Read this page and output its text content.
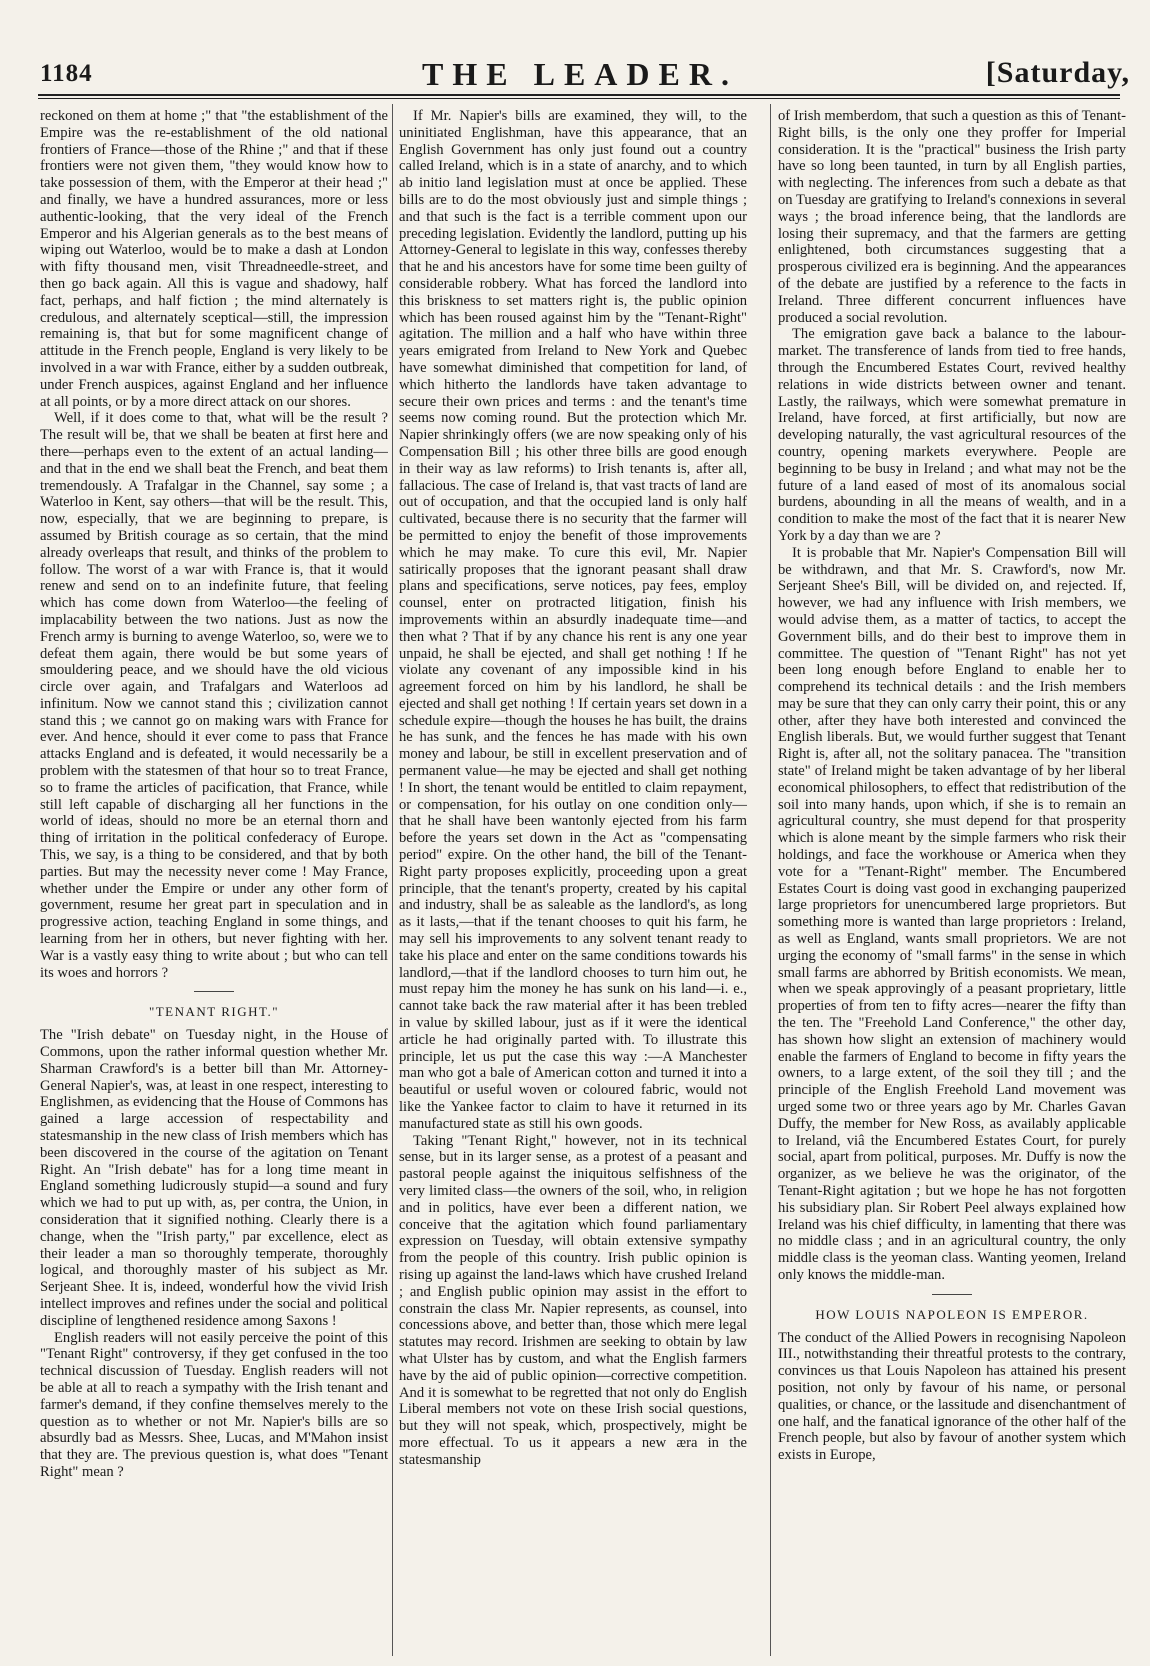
1184	THE LEADER.	[Saturday,

reckoned on them at home ;" that "the establishment of the Empire was the re-establishment of the old national frontiers of France—those of the Rhine ;" and that if these frontiers were not given them, "they would know how to take possession of them, with the Emperor at their head ;" and finally, we have a hundred assurances, more or less authentic-looking, that the very ideal of the French Emperor and his Algerian generals as to the best means of wiping out Waterloo, would be to make a dash at London with fifty thousand men, visit Threadneedle-street, and then go back again. All this is vague and shadowy, half fact, perhaps, and half fiction ; the mind alternately is credulous, and alternately sceptical—still, the impression remaining is, that but for some magnificent change of attitude in the French people, England is very likely to be involved in a war with France, either by a sudden outbreak, under French auspices, against England and her influence at all points, or by a more direct attack on our shores.

Well, if it does come to that, what will be the result ? The result will be, that we shall be beaten at first here and there—perhaps even to the extent of an actual landing—and that in the end we shall beat the French, and beat them tremendously. A Trafalgar in the Channel, say some ; a Waterloo in Kent, say others—that will be the result. This, now, especially, that we are beginning to prepare, is assumed by British courage as so certain, that the mind already overleaps that result, and thinks of the problem to follow. The worst of a war with France is, that it would renew and send on to an indefinite future, that feeling which has come down from Waterloo—the feeling of implacability between the two nations. Just as now the French army is burning to avenge Waterloo, so, were we to defeat them again, there would be but some years of smouldering peace, and we should have the old vicious circle over again, and Trafalgars and Waterloos ad infinitum. Now we cannot stand this ; civilization cannot stand this ; we cannot go on making wars with France for ever. And hence, should it ever come to pass that France attacks England and is defeated, it would necessarily be a problem with the statesmen of that hour so to treat France, so to frame the articles of pacification, that France, while still left capable of discharging all her functions in the world of ideas, should no more be an eternal thorn and thing of irritation in the political confederacy of Europe. This, we say, is a thing to be considered, and that by both parties. But may the necessity never come ! May France, whether under the Empire or under any other form of government, resume her great part in speculation and in progressive action, teaching England in some things, and learning from her in others, but never fighting with her. War is a vastly easy thing to write about ; but who can tell its woes and horrors ?

"TENANT RIGHT."

The "Irish debate" on Tuesday night, in the House of Commons, upon the rather informal question whether Mr. Sharman Crawford's is a better bill than Mr. Attorney-General Napier's, was, at least in one respect, interesting to Englishmen, as evidencing that the House of Commons has gained a large accession of respectability and statesmanship in the new class of Irish members which has been discovered in the course of the agitation on Tenant Right. An "Irish debate" has for a long time meant in England something ludicrously stupid—a sound and fury which we had to put up with, as, per contra, the Union, in consideration that it signified nothing. Clearly there is a change, when the "Irish party," par excellence, elect as their leader a man so thoroughly temperate, thoroughly logical, and thoroughly master of his subject as Mr. Serjeant Shee. It is, indeed, wonderful how the vivid Irish intellect improves and refines under the social and political discipline of lengthened residence among Saxons !

English readers will not easily perceive the point of this "Tenant Right" controversy, if they get confused in the too technical discussion of Tuesday. English readers will not be able at all to reach a sympathy with the Irish tenant and farmer's demand, if they confine themselves merely to the question as to whether or not Mr. Napier's bills are so absurdly bad as Messrs. Shee, Lucas, and M'Mahon insist that they are. The previous question is, what does "Tenant Right" mean ?

If Mr. Napier's bills are examined, they will, to the uninitiated Englishman, have this appearance, that an English Government has only just found out a country called Ireland, which is in a state of anarchy, and to which ab initio land legislation must at once be applied. These bills are to do the most obviously just and simple things ; and that such is the fact is a terrible comment upon our preceding legislation. Evidently the landlord, putting up his Attorney-General to legislate in this way, confesses thereby that he and his ancestors have for some time been guilty of considerable robbery. What has forced the landlord into this briskness to set matters right is, the public opinion which has been roused against him by the "Tenant-Right" agitation. The million and a half who have within three years emigrated from Ireland to New York and Quebec have somewhat diminished that competition for land, of which hitherto the landlords have taken advantage to secure their own prices and terms : and the tenant's time seems now coming round. But the protection which Mr. Napier shrinkingly offers (we are now speaking only of his Compensation Bill ; his other three bills are good enough in their way as law reforms) to Irish tenants is, after all, fallacious. The case of Ireland is, that vast tracts of land are out of occupation, and that the occupied land is only half cultivated, because there is no security that the farmer will be permitted to enjoy the benefit of those improvements which he may make. To cure this evil, Mr. Napier satirically proposes that the ignorant peasant shall draw plans and specifications, serve notices, pay fees, employ counsel, enter on protracted litigation, finish his improvements within an absurdly inadequate time—and then what ? That if by any chance his rent is any one year unpaid, he shall be ejected, and shall get nothing ! If he violate any covenant of any impossible kind in his agreement forced on him by his landlord, he shall be ejected and shall get nothing ! If certain years set down in a schedule expire—though the houses he has built, the drains he has sunk, and the fences he has made with his own money and labour, be still in excellent preservation and of permanent value—he may be ejected and shall get nothing ! In short, the tenant would be entitled to claim repayment, or compensation, for his outlay on one condition only—that he shall have been wantonly ejected from his farm before the years set down in the Act as "compensating period" expire. On the other hand, the bill of the Tenant-Right party proposes explicitly, proceeding upon a great principle, that the tenant's property, created by his capital and industry, shall be as saleable as the landlord's, as long as it lasts,—that if the tenant chooses to quit his farm, he may sell his improvements to any solvent tenant ready to take his place and enter on the same conditions towards his landlord,—that if the landlord chooses to turn him out, he must repay him the money he has sunk on his land—i. e., cannot take back the raw material after it has been trebled in value by skilled labour, just as if it were the identical article he had originally parted with. To illustrate this principle, let us put the case this way :—A Manchester man who got a bale of American cotton and turned it into a beautiful or useful woven or coloured fabric, would not like the Yankee factor to claim to have it returned in its manufactured state as still his own goods.

Taking "Tenant Right," however, not in its technical sense, but in its larger sense, as a protest of a peasant and pastoral people against the iniquitous selfishness of the very limited class—the owners of the soil, who, in religion and in politics, have ever been a different nation, we conceive that the agitation which found parliamentary expression on Tuesday, will obtain extensive sympathy from the people of this country. Irish public opinion is rising up against the land-laws which have crushed Ireland ; and English public opinion may assist in the effort to constrain the class Mr. Napier represents, as counsel, into concessions above, and better than, those which mere legal statutes may record. Irishmen are seeking to obtain by law what Ulster has by custom, and what the English farmers have by the aid of public opinion—corrective competition. And it is somewhat to be regretted that not only do English Liberal members not vote on these Irish social questions, but they will not speak, which, prospectively, might be more effectual. To us it appears a new æra in the statesmanship

of Irish memberdom, that such a question as this of Tenant-Right bills, is the only one they proffer for Imperial consideration. It is the "practical" business the Irish party have so long been taunted, in turn by all English parties, with neglecting. The inferences from such a debate as that on Tuesday are gratifying to Ireland's connexions in several ways ; the broad inference being, that the landlords are losing their supremacy, and that the farmers are getting enlightened, both circumstances suggesting that a prosperous civilized era is beginning. And the appearances of the debate are justified by a reference to the facts in Ireland. Three different concurrent influences have produced a social revolution.

The emigration gave back a balance to the labour-market. The transference of lands from tied to free hands, through the Encumbered Estates Court, revived healthy relations in wide districts between owner and tenant. Lastly, the railways, which were somewhat premature in Ireland, have forced, at first artificially, but now are developing naturally, the vast agricultural resources of the country, opening markets everywhere. People are beginning to be busy in Ireland ; and what may not be the future of a land eased of most of its anomalous social burdens, abounding in all the means of wealth, and in a condition to make the most of the fact that it is nearer New York by a day than we are ?

It is probable that Mr. Napier's Compensation Bill will be withdrawn, and that Mr. S. Crawford's, now Mr. Serjeant Shee's Bill, will be divided on, and rejected. If, however, we had any influence with Irish members, we would advise them, as a matter of tactics, to accept the Government bills, and do their best to improve them in committee. The question of "Tenant Right" has not yet been long enough before England to enable her to comprehend its technical details : and the Irish members may be sure that they can only carry their point, this or any other, after they have both interested and convinced the English liberals. But, we would further suggest that Tenant Right is, after all, not the solitary panacea. The "transition state" of Ireland might be taken advantage of by her liberal economical philosophers, to effect that redistribution of the soil into many hands, upon which, if she is to remain an agricultural country, she must depend for that prosperity which is alone meant by the simple farmers who risk their holdings, and face the workhouse or America when they vote for a "Tenant-Right" member. The Encumbered Estates Court is doing vast good in exchanging pauperized large proprietors for unencumbered large proprietors. But something more is wanted than large proprietors : Ireland, as well as England, wants small proprietors. We are not urging the economy of "small farms" in the sense in which small farms are abhorred by British economists. We mean, when we speak approvingly of a peasant proprietary, little properties of from ten to fifty acres—nearer the fifty than the ten. The "Freehold Land Conference," the other day, has shown how slight an extension of machinery would enable the farmers of England to become in fifty years the owners, to a large extent, of the soil they till ; and the principle of the English Freehold Land movement was urged some two or three years ago by Mr. Charles Gavan Duffy, the member for New Ross, as availably applicable to Ireland, viâ the Encumbered Estates Court, for purely social, apart from political, purposes. Mr. Duffy is now the organizer, as we believe he was the originator, of the Tenant-Right agitation ; but we hope he has not forgotten his subsidiary plan. Sir Robert Peel always explained how Ireland was his chief difficulty, in lamenting that there was no middle class ; and in an agricultural country, the only middle class is the yeoman class. Wanting yeomen, Ireland only knows the middle-man.

HOW LOUIS NAPOLEON IS EMPEROR.

The conduct of the Allied Powers in recognising Napoleon III., notwithstanding their threatful protests to the contrary, convinces us that Louis Napoleon has attained his present position, not only by favour of his name, or personal qualities, or chance, or the lassitude and disenchantment of one half, and the fanatical ignorance of the other half of the French people, but also by favour of another system which exists in Europe,
